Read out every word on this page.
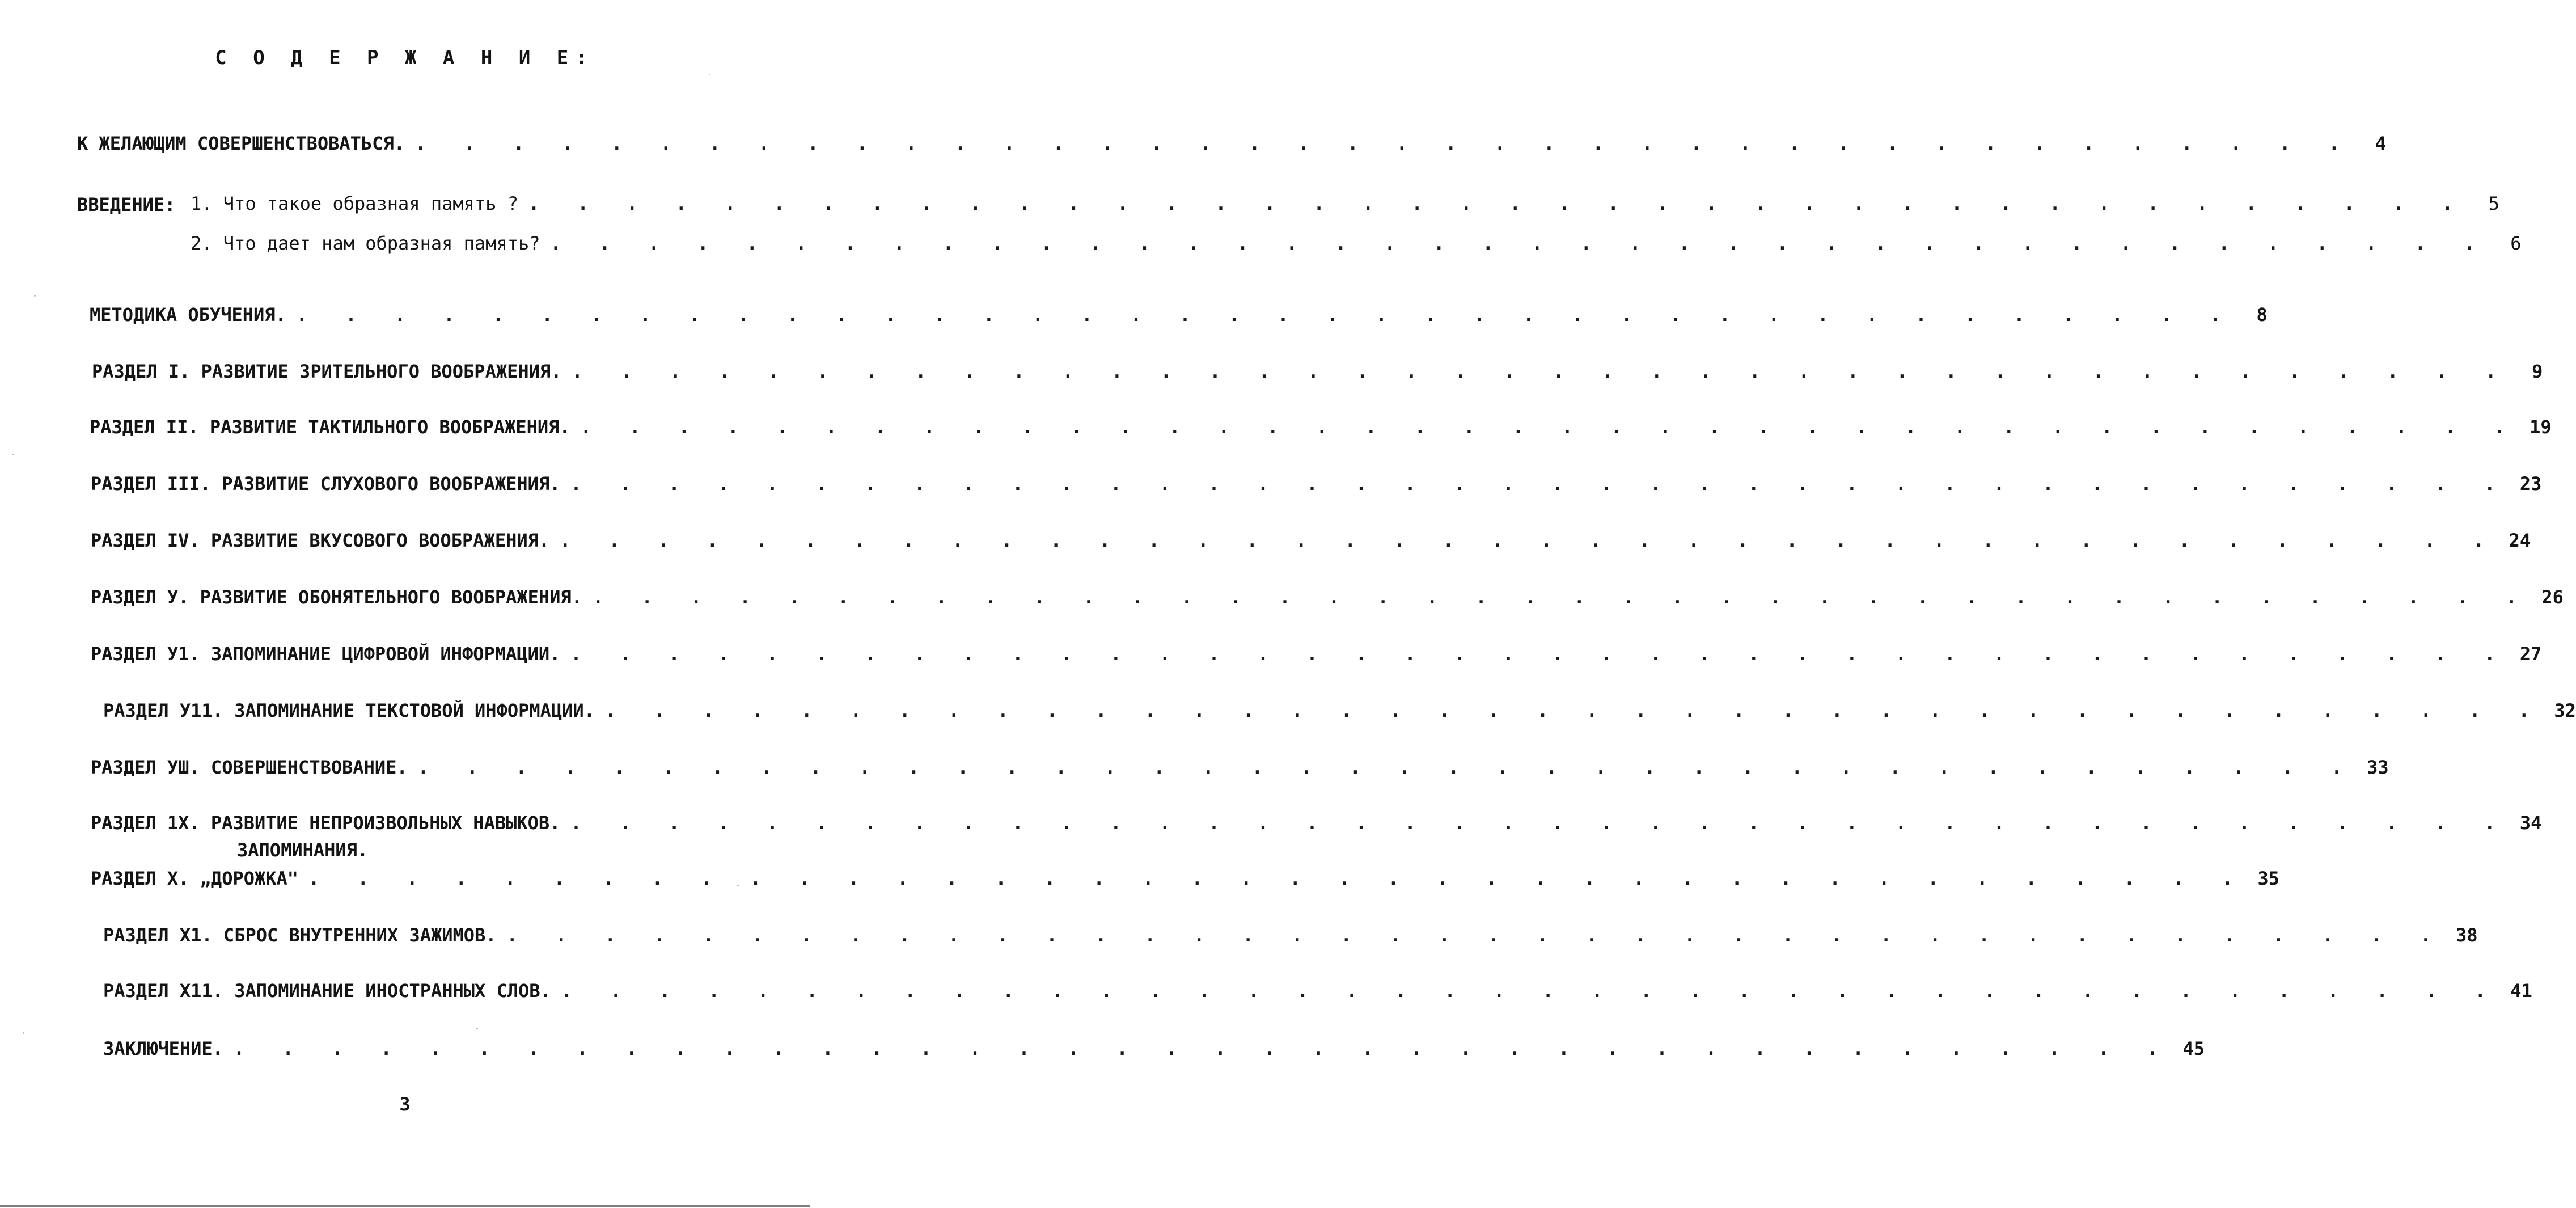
С О Д Е Р Ж А Н И Е:
К ЖЕЛАЮЩИМ СОВЕРШЕНСТВОВАТЬСЯ. . . . . . . . . . . . . . . . . . . . . . . . . . . . . . . . . . . . . . . . .	4
ВВЕДЕНИЕ: 1. Что такое образная память ? . . . . . . . . . . . . . . . . . . . . . . . . . . . . . . . . . . . . . . . .	5
2. Что дает нам образная память? . . . . . . . . . . . . . . . . . . . . . . . . . . . . . . . . . . . . . . . .	6
МЕТОДИКА ОБУЧЕНИЯ. . . . . . . . . . . . . . . . . . . . . . . . . . . . . . . . . . . . . . . . .	8
РАЗДЕЛ I. РАЗВИТИЕ ЗРИТЕЛЬНОГО ВООБРАЖЕНИЯ. . . . . . . . . . . . . . . . . . . . . . . . . . . . . . . . . . . . . . . . .	9
РАЗДЕЛ II. РАЗВИТИЕ ТАКТИЛЬНОГО ВООБРАЖЕНИЯ. . . . . . . . . . . . . . . . . . . . . . . . . . . . . . . . . . . . . . . . . 19
РАЗДЕЛ III. РАЗВИТИЕ СЛУХОВОГО ВООБРАЖЕНИЯ. . . . . . . . . . . . . . . . . . . . . . . . . . . . . . . . . . . . . . . . . 23
РАЗДЕЛ IV. РАЗВИТИЕ ВКУСОВОГО ВООБРАЖЕНИЯ. . . . . . . . . . . . . . . . . . . . . . . . . . . . . . . . . . . . . . . . . 24
РАЗДЕЛ У. РАЗВИТИЕ ОБОНЯТЕЛЬНОГО ВООБРАЖЕНИЯ. . . . . . . . . . . . . . . . . . . . . . . . . . . . . . . . . . . . . . . . . 26
РАЗДЕЛ У1. ЗАПОМИНАНИЕ ЦИФРОВОЙ ИНФОРМАЦИИ. . . . . . . . . . . . . . . . . . . . . . . . . . . . . . . . . . . . . . . . . 27
РАЗДЕЛ У11. ЗАПОМИНАНИЕ ТЕКСТОВОЙ ИНФОРМАЦИИ. . . . . . . . . . . . . . . . . . . . . . . . . . . . . . . . . . . . . . . . . 32
РАЗДЕЛ УШ. СОВЕРШЕНСТВОВАНИЕ. . . . . . . . . . . . . . . . . . . . . . . . . . . . . . . . . . . . . . . . . 33
РАЗДЕЛ 1Х. РАЗВИТИЕ НЕПРОИЗВОЛЬНЫХ НАВЫКОВ. . . . . . . . . . . . . . . . . . . . . . . . . . . . . . . . . . . . . . . . . 34
ЗАПОМИНАНИЯ.
РАЗДЕЛ Х. „ДОРОЖКА" . . . . . . . . . . . . . . . . . . . . . . . . . . . . . . . . . . . . . . . . 35
РАЗДЕЛ Х1. СБРОС ВНУТРЕННИХ ЗАЖИМОВ. . . . . . . . . . . . . . . . . . . . . . . . . . . . . . . . . . . . . . . . . 38
РАЗДЕЛ Х11. ЗАПОМИНАНИЕ ИНОСТРАННЫХ СЛОВ. . . . . . . . . . . . . . . . . . . . . . . . . . . . . . . . . . . . . . . . . 41
ЗАКЛЮЧЕНИЕ. . . . . . . . . . . . . . . . . . . . . . . . . . . . . . . . . . . . . . . . . 45
3
